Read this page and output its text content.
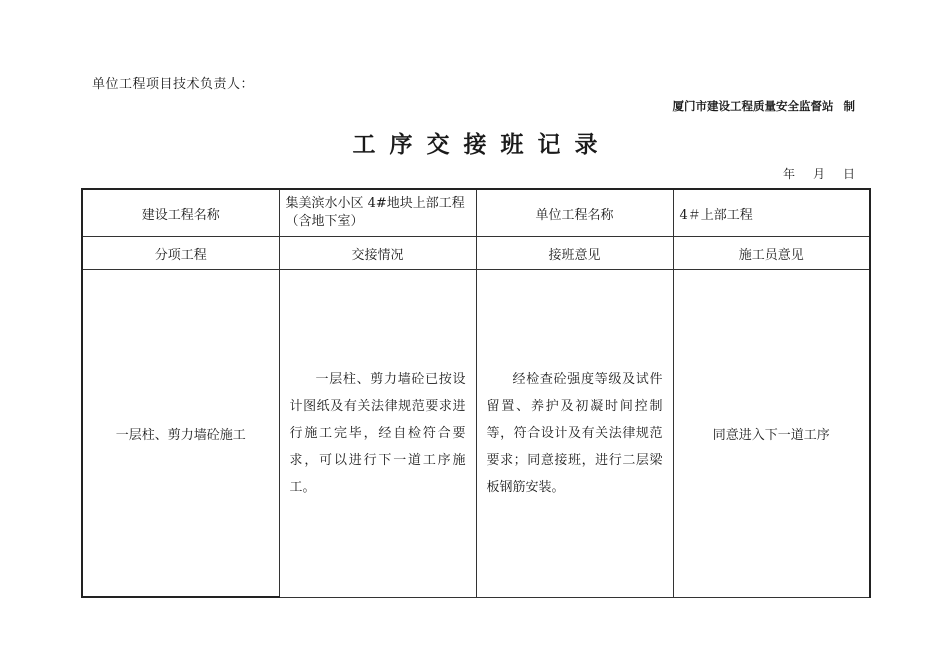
单位工程项目技术负责人：
厦门市建设工程质量安全监督站 制
工序交接班记录
年 月 日
建设工程名称	集美滨水小区 4#地块上部工程（含地下室）	单位工程名称	4＃上部工程
分项工程	交接情况	接班意见	施工员意见
一层柱、剪力墙砼施工	一层柱、剪力墙砼已按设计图纸及有关法律规范要求进行施工完毕，经自检符合要求，可以进行下一道工序施工。	经检查砼强度等级及试件留置、养护及初凝时间控制等，符合设计及有关法律规范要求；同意接班，进行二层梁板钢筋安装。	同意进入下一道工序
